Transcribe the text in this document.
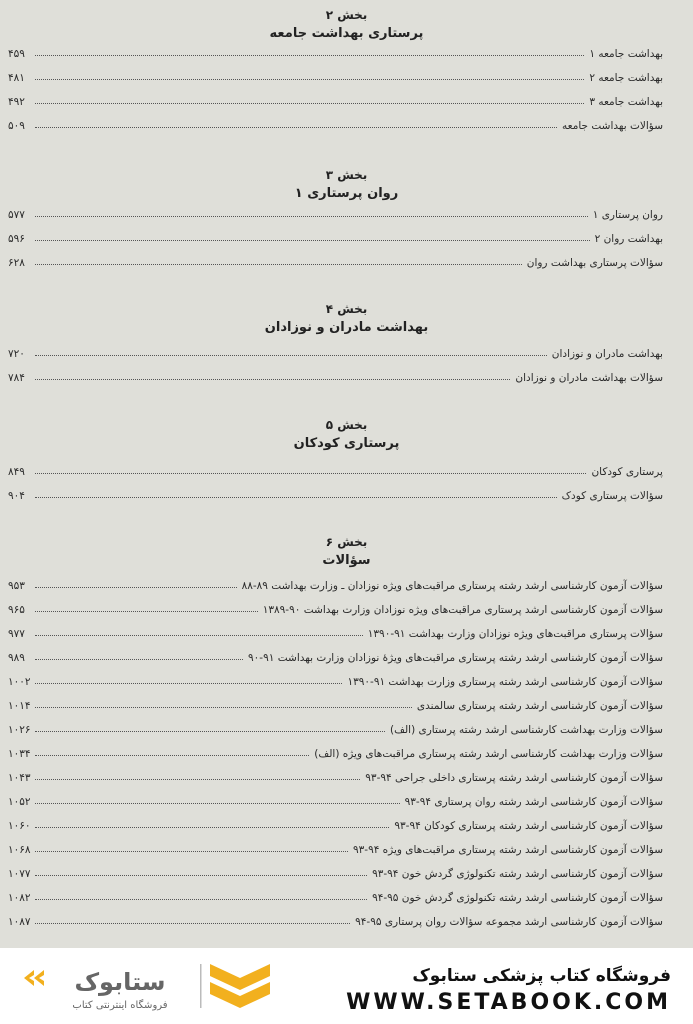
بخش ۲
پرستاری بهداشت جامعه
بهداشت جامعه ۱
۴۵۹
بهداشت جامعه ۲
۴۸۱
بهداشت جامعه ۳
۴۹۲
سؤالات بهداشت جامعه
۵۰۹
بخش ۳
روان پرستاری ۱
روان پرستاری ۱
۵۷۷
بهداشت روان ۲
۵۹۶
سؤالات پرستاری بهداشت روان
۶۲۸
بخش ۴
بهداشت مادران و نوزادان
بهداشت مادران و نوزادان
۷۲۰
سؤالات بهداشت مادران و نوزادان
۷۸۴
بخش ۵
پرستاری کودکان
پرستاری کودکان
۸۴۹
سؤالات پرستاری کودک
۹۰۴
بخش ۶
سؤالات
سؤالات آزمون کارشناسی ارشد رشته پرستاری مراقبت‌های ویژه نوزادان ـ وزارت بهداشت ۸۹-۸۸
۹۵۳
سؤالات آزمون کارشناسی ارشد پرستاری مراقبت‌های ویژه نوزادان وزارت بهداشت ۹۰-۱۳۸۹
۹۶۵
سؤالات پرستاری مراقبت‌های ویژه نوزادان وزارت بهداشت ۹۱-۱۳۹۰
۹۷۷
سؤالات آزمون کارشناسی ارشد رشته پرستاری مراقبت‌های ویژهٔ نوزادان وزارت بهداشت ۹۱-۹۰
۹۸۹
سؤالات آزمون کارشناسی ارشد رشته پرستاری وزارت بهداشت ۹۱-۱۳۹۰
۱۰۰۲
سؤالات آزمون کارشناسی ارشد رشته پرستاری سالمندی
۱۰۱۴
سؤالات وزارت بهداشت کارشناسی ارشد رشته پرستاری (الف)
۱۰۲۶
سؤالات وزارت بهداشت کارشناسی ارشد رشته پرستاری مراقبت‌های ویژه (الف)
۱۰۳۴
سؤالات آزمون کارشناسی ارشد رشته پرستاری داخلی جراحی ۹۴-۹۳
۱۰۴۳
سؤالات آزمون کارشناسی ارشد رشته روان پرستاری ۹۴-۹۳
۱۰۵۲
سؤالات آزمون کارشناسی ارشد رشته پرستاری کودکان ۹۴-۹۳
۱۰۶۰
سؤالات آزمون کارشناسی ارشد رشته پرستاری مراقبت‌های ویژه ۹۴-۹۳
۱۰۶۸
سؤالات آزمون کارشناسی ارشد رشته تکنولوژی گردش خون ۹۴-۹۳
۱۰۷۷
سؤالات آزمون کارشناسی ارشد رشته تکنولوژی گردش خون ۹۵-۹۴
۱۰۸۲
سؤالات آزمون کارشناسی ارشد مجموعه سؤالات روان پرستاری ۹۵-۹۴
۱۰۸۷
ستابوک
فروشگاه اینترنتی کتاب
فروشگاه کتاب پزشکی ستابوک
WWW.SETABOOK.COM
